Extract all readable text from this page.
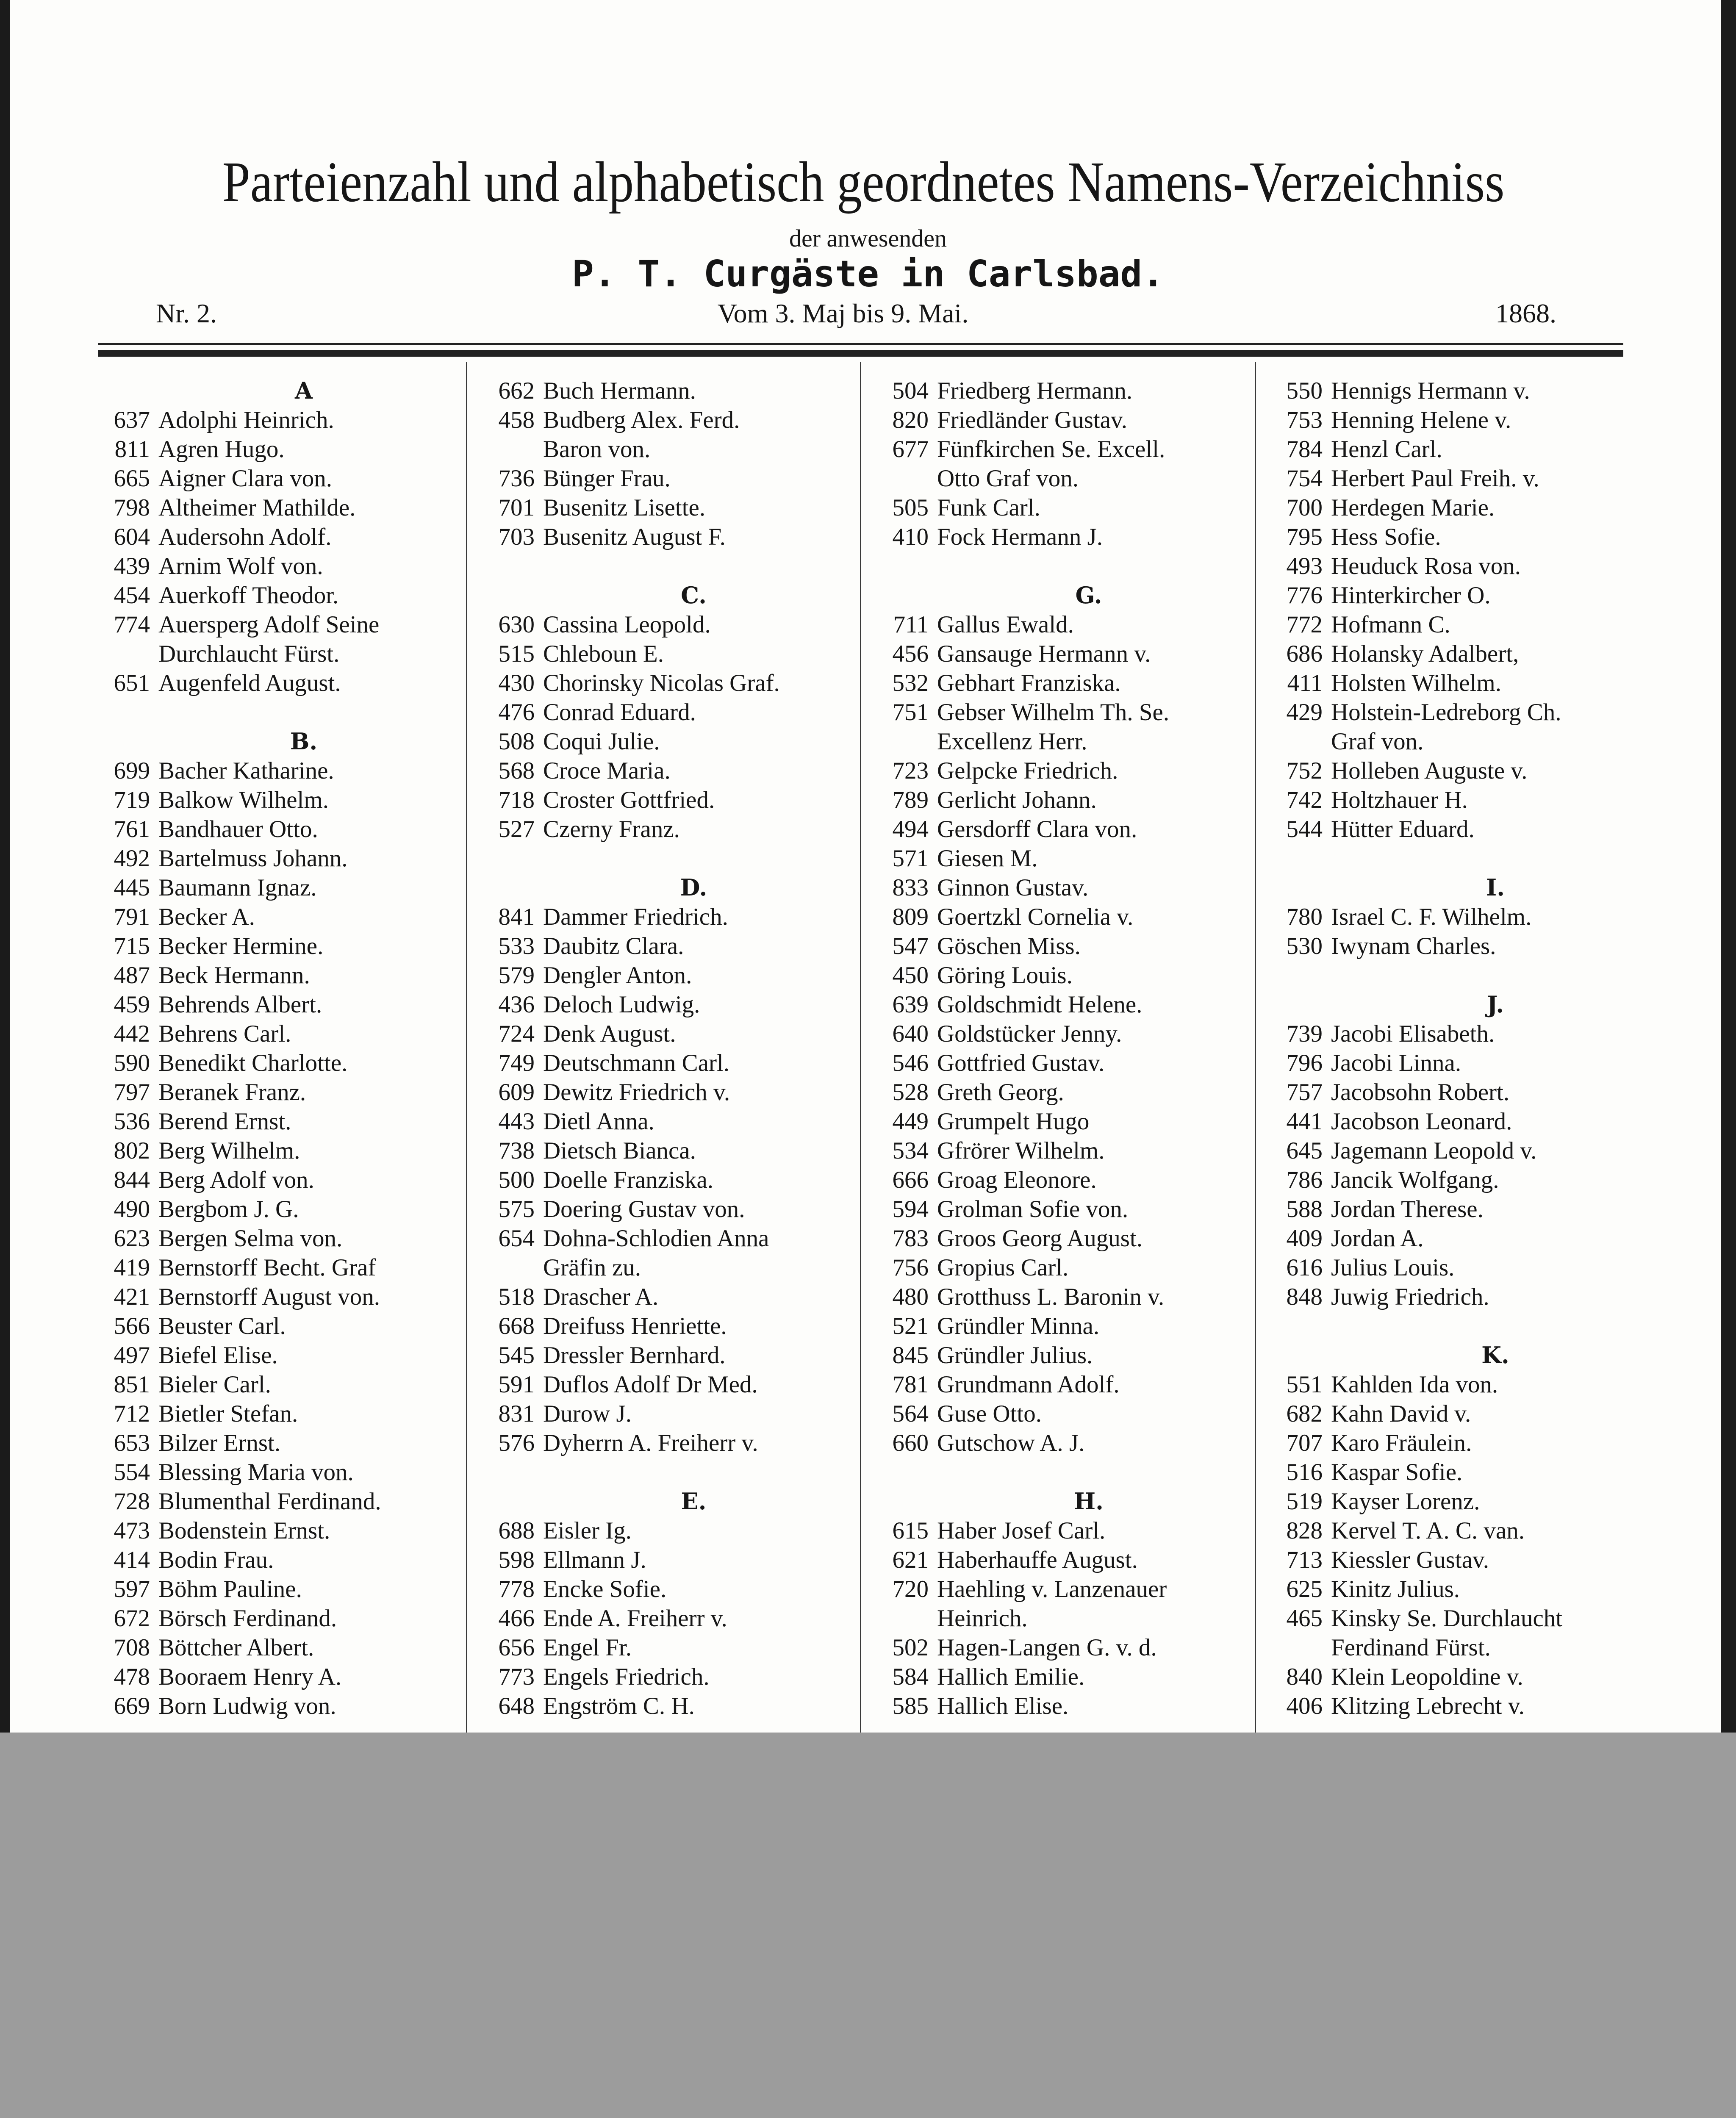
Parteienzahl und alphabetisch geordnetes Namens-Verzeichniss
der anwesenden
P. T. Curgäste in Carlsbad.
Nr. 2.	Vom 3. Maj bis 9. Mai.	1868.
A
637 Adolphi Heinrich.
811 Agren Hugo.
665 Aigner Clara von.
798 Altheimer Mathilde.
604 Audersohn Adolf.
439 Arnim Wolf von.
454 Auerkoff Theodor.
774 Auersperg Adolf Seine
Durchlaucht Fürst.
651 Augenfeld August.
B.
699 Bacher Katharine.
719 Balkow Wilhelm.
761 Bandhauer Otto.
492 Bartelmuss Johann.
445 Baumann Ignaz.
791 Becker A.
715 Becker Hermine.
487 Beck Hermann.
459 Behrends Albert.
442 Behrens Carl.
590 Benedikt Charlotte.
797 Beranek Franz.
536 Berend Ernst.
802 Berg Wilhelm.
844 Berg Adolf von.
490 Bergbom J. G.
623 Bergen Selma von.
419 Bernstorff Becht. Graf
421 Bernstorff August von.
566 Beuster Carl.
497 Biefel Elise.
851 Bieler Carl.
712 Bietler Stefan.
653 Bilzer Ernst.
554 Blessing Maria von.
728 Blumenthal Ferdinand.
473 Bodenstein Ernst.
414 Bodin Frau.
597 Böhm Pauline.
672 Börsch Ferdinand.
708 Böttcher Albert.
478 Booraem Henry A.
669 Born Ludwig von.
662 Buch Hermann.
458 Budberg Alex. Ferd.
Baron von.
736 Bünger Frau.
701 Busenitz Lisette.
703 Busenitz August F.
C.
630 Cassina Leopold.
515 Chleboun E.
430 Chorinsky Nicolas Graf.
476 Conrad Eduard.
508 Coqui Julie.
568 Croce Maria.
718 Croster Gottfried.
527 Czerny Franz.
D.
841 Dammer Friedrich.
533 Daubitz Clara.
579 Dengler Anton.
436 Deloch Ludwig.
724 Denk August.
749 Deutschmann Carl.
609 Dewitz Friedrich v.
443 Dietl Anna.
738 Dietsch Bianca.
500 Doelle Franziska.
575 Doering Gustav von.
654 Dohna-Schlodien Anna
Gräfin zu.
518 Drascher A.
668 Dreifuss Henriette.
545 Dressler Bernhard.
591 Duflos Adolf Dr Med.
831 Durow J.
576 Dyherrn A. Freiherr v.
E.
688 Eisler Ig.
598 Ellmann J.
778 Encke Sofie.
466 Ende A. Freiherr v.
656 Engel Fr.
773 Engels Friedrich.
648 Engström C. H.
504 Friedberg Hermann.
820 Friedländer Gustav.
677 Fünfkirchen Se. Excell.
Otto Graf von.
505 Funk Carl.
410 Fock Hermann J.
G.
711 Gallus Ewald.
456 Gansauge Hermann v.
532 Gebhart Franziska.
751 Gebser Wilhelm Th. Se.
Excellenz Herr.
723 Gelpcke Friedrich.
789 Gerlicht Johann.
494 Gersdorff Clara von.
571 Giesen M.
833 Ginnon Gustav.
809 Goertzkl Cornelia v.
547 Göschen Miss.
450 Göring Louis.
639 Goldschmidt Helene.
640 Goldstücker Jenny.
546 Gottfried Gustav.
528 Greth Georg.
449 Grumpelt Hugo
534 Gfrörer Wilhelm.
666 Groag Eleonore.
594 Grolman Sofie von.
783 Groos Georg August.
756 Gropius Carl.
480 Grotthuss L. Baronin v.
521 Gründler Minna.
845 Gründler Julius.
781 Grundmann Adolf.
564 Guse Otto.
660 Gutschow A. J.
H.
615 Haber Josef Carl.
621 Haberhauffe August.
720 Haehling v. Lanzenauer
Heinrich.
502 Hagen-Langen G. v. d.
584 Hallich Emilie.
585 Hallich Elise.
550 Hennigs Hermann v.
753 Henning Helene v.
784 Henzl Carl.
754 Herbert Paul Freih. v.
700 Herdegen Marie.
795 Hess Sofie.
493 Heuduck Rosa von.
776 Hinterkircher O.
772 Hofmann C.
686 Holansky Adalbert,
411 Holsten Wilhelm.
429 Holstein-Ledreborg Ch.
Graf von.
752 Holleben Auguste v.
742 Holtzhauer H.
544 Hütter Eduard.
I.
780 Israel C. F. Wilhelm.
530 Iwynam Charles.
J.
739 Jacobi Elisabeth.
796 Jacobi Linna.
757 Jacobsohn Robert.
441 Jacobson Leonard.
645 Jagemann Leopold v.
786 Jancik Wolfgang.
588 Jordan Therese.
409 Jordan A.
616 Julius Louis.
848 Juwig Friedrich.
K.
551 Kahlden Ida von.
682 Kahn David v.
707 Karo Fräulein.
516 Kaspar Sofie.
519 Kayser Lorenz.
828 Kervel T. A. C. van.
713 Kiessler Gustav.
625 Kinitz Julius.
465 Kinsky Se. Durchlaucht
Ferdinand Fürst.
840 Klein Leopoldine v.
406 Klitzing Lebrecht v.
